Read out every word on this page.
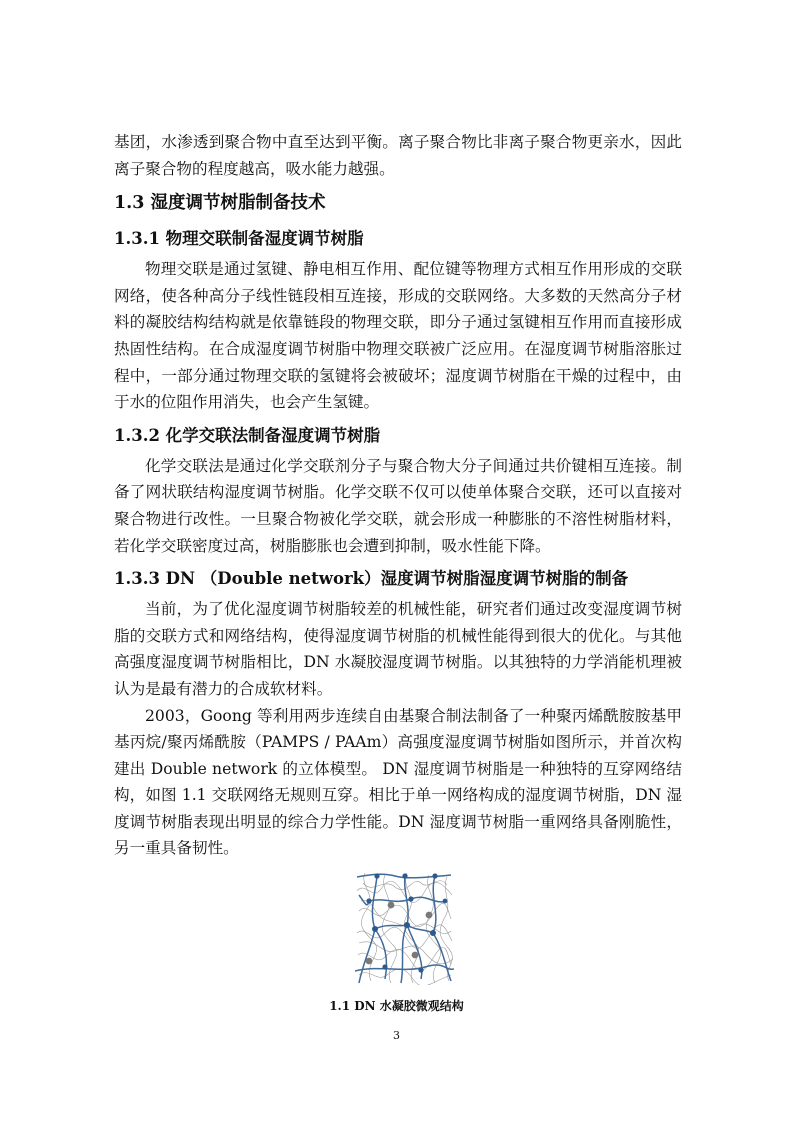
基团，水渗透到聚合物中直至达到平衡。离子聚合物比非离子聚合物更亲水，因此离子聚合物的程度越高，吸水能力越强。

1.3 湿度调节树脂制备技术
1.3.1 物理交联制备湿度调节树脂

物理交联是通过氢键、静电相互作用、配位键等物理方式相互作用形成的交联网络，使各种高分子线性链段相互连接，形成的交联网络。大多数的天然高分子材料的凝胶结构结构就是依靠链段的物理交联，即分子通过氢键相互作用而直接形成热固性结构。在合成湿度调节树脂中物理交联被广泛应用。在湿度调节树脂溶胀过程中，一部分通过物理交联的氢键将会被破坏；湿度调节树脂在干燥的过程中，由于水的位阻作用消失，也会产生氢键。

1.3.2 化学交联法制备湿度调节树脂

化学交联法是通过化学交联剂分子与聚合物大分子间通过共价键相互连接。制备了网状联结构湿度调节树脂。化学交联不仅可以使单体聚合交联，还可以直接对聚合物进行改性。一旦聚合物被化学交联，就会形成一种膨胀的不溶性树脂材料，若化学交联密度过高，树脂膨胀也会遭到抑制，吸水性能下降。

1.3.3 DN （Double network）湿度调节树脂湿度调节树脂的制备

当前，为了优化湿度调节树脂较差的机械性能，研究者们通过改变湿度调节树脂的交联方式和网络结构，使得湿度调节树脂的机械性能得到很大的优化。与其他高强度湿度调节树脂相比，DN 水凝胶湿度调节树脂。以其独特的力学消能机理被认为是最有潜力的合成软材料。

2003，Goong 等利用两步连续自由基聚合制法制备了一种聚丙烯酰胺胺基甲基丙烷/聚丙烯酰胺（PAMPS / PAAm）高强度湿度调节树脂如图所示，并首次构建出 Double network 的立体模型。 DN 湿度调节树脂是一种独特的互穿网络结构，如图 1.1 交联网络无规则互穿。相比于单一网络构成的湿度调节树脂，DN 湿度调节树脂表现出明显的综合力学性能。DN 湿度调节树脂一重网络具备刚脆性，另一重具备韧性。

1.1 DN 水凝胶微观结构
3
